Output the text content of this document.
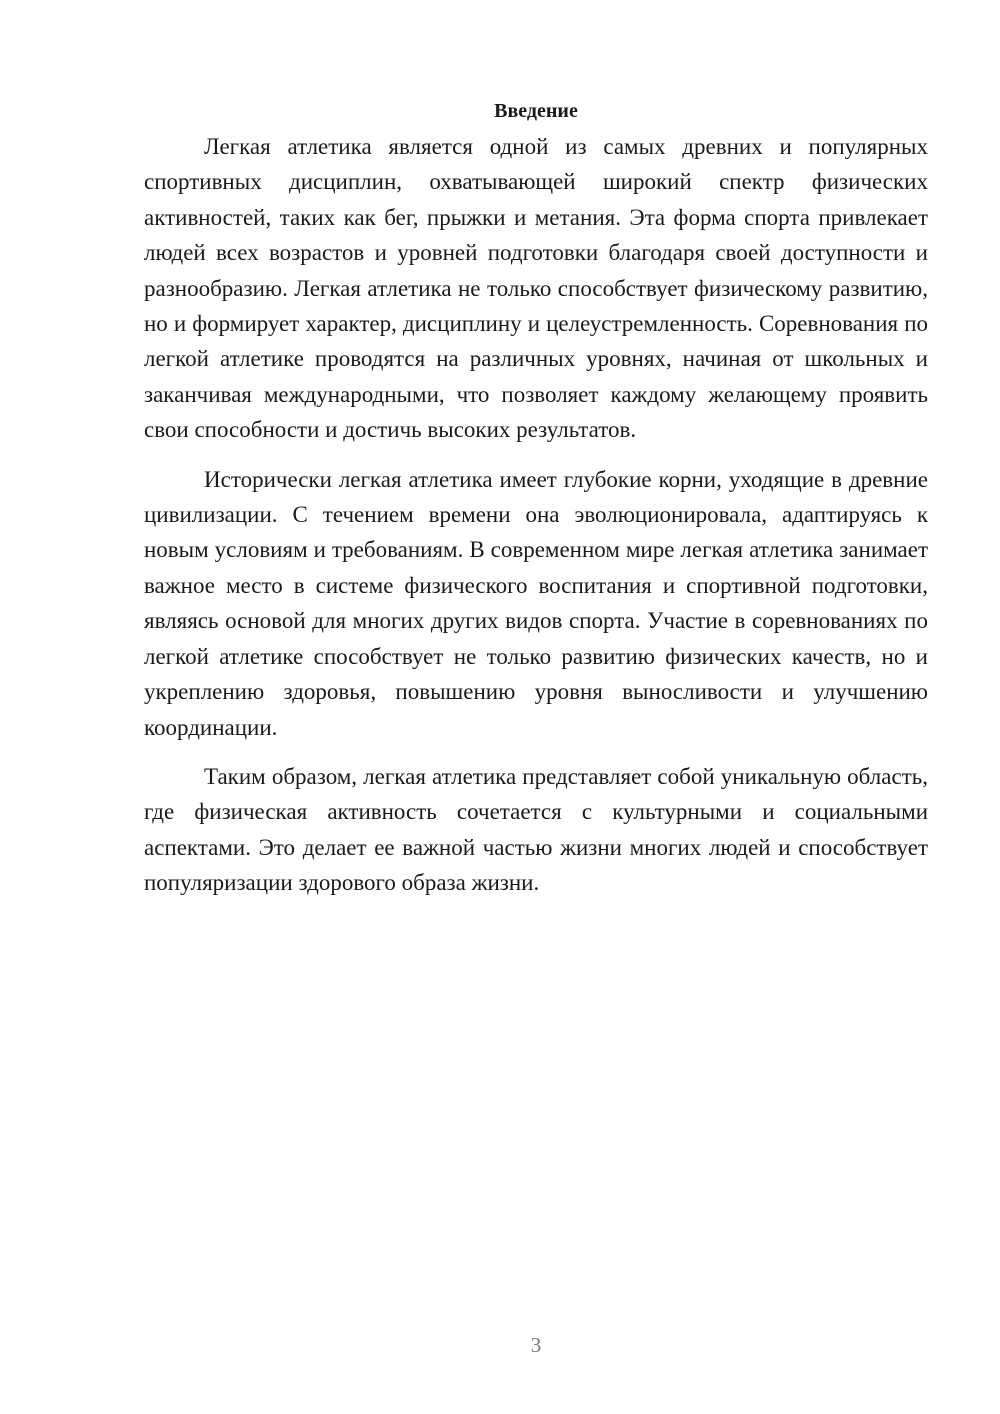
Введение

Легкая атлетика является одной из самых древних и популярных спортивных дисциплин, охватывающей широкий спектр физических активностей, таких как бег, прыжки и метания. Эта форма спорта привлекает людей всех возрастов и уровней подготовки благодаря своей доступности и разнообразию. Легкая атлетика не только способствует физическому развитию, но и формирует характер, дисциплину и целеустремленность. Соревнования по легкой атлетике проводятся на различных уровнях, начиная от школьных и заканчивая международными, что позволяет каждому желающему проявить свои способности и достичь высоких результатов.

Исторически легкая атлетика имеет глубокие корни, уходящие в древние цивилизации. С течением времени она эволюционировала, адаптируясь к новым условиям и требованиям. В современном мире легкая атлетика занимает важное место в системе физического воспитания и спортивной подготовки, являясь основой для многих других видов спорта. Участие в соревнованиях по легкой атлетике способствует не только развитию физических качеств, но и укреплению здоровья, повышению уровня выносливости и улучшению координации.

Таким образом, легкая атлетика представляет собой уникальную область, где физическая активность сочетается с культурными и социальными аспектами. Это делает ее важной частью жизни многих людей и способствует популяризации здорового образа жизни.

3
